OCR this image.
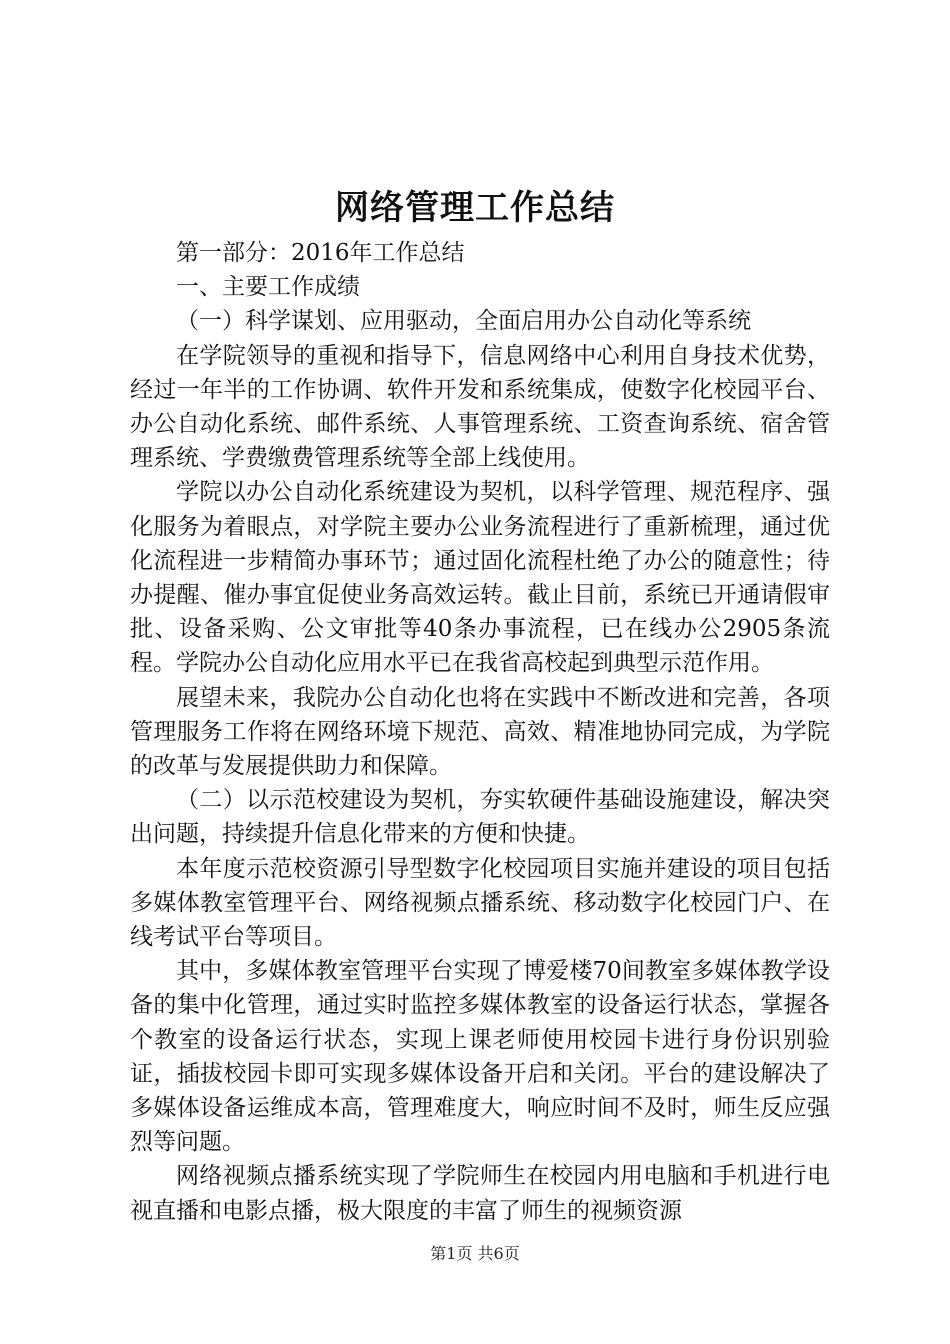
网络管理工作总结

第一部分：2016年工作总结

一、主要工作成绩

（一）科学谋划、应用驱动，全面启用办公自动化等系统

在学院领导的重视和指导下，信息网络中心利用自身技术优势，经过一年半的工作协调、软件开发和系统集成，使数字化校园平台、办公自动化系统、邮件系统、人事管理系统、工资查询系统、宿舍管理系统、学费缴费管理系统等全部上线使用。

学院以办公自动化系统建设为契机，以科学管理、规范程序、强化服务为着眼点，对学院主要办公业务流程进行了重新梳理，通过优化流程进一步精简办事环节；通过固化流程杜绝了办公的随意性；待办提醒、催办事宜促使业务高效运转。截止目前，系统已开通请假审批、设备采购、公文审批等40条办事流程，已在线办公2905条流程。学院办公自动化应用水平已在我省高校起到典型示范作用。

展望未来，我院办公自动化也将在实践中不断改进和完善，各项管理服务工作将在网络环境下规范、高效、精准地协同完成，为学院的改革与发展提供助力和保障。

（二）以示范校建设为契机，夯实软硬件基础设施建设，解决突出问题，持续提升信息化带来的方便和快捷。

本年度示范校资源引导型数字化校园项目实施并建设的项目包括多媒体教室管理平台、网络视频点播系统、移动数字化校园门户、在线考试平台等项目。

其中，多媒体教室管理平台实现了博爱楼70间教室多媒体教学设备的集中化管理，通过实时监控多媒体教室的设备运行状态，掌握各个教室的设备运行状态，实现上课老师使用校园卡进行身份识别验证，插拔校园卡即可实现多媒体设备开启和关闭。平台的建设解决了多媒体设备运维成本高，管理难度大，响应时间不及时，师生反应强烈等问题。

网络视频点播系统实现了学院师生在校园内用电脑和手机进行电视直播和电影点播，极大限度的丰富了师生的视频资源

第1页 共6页
